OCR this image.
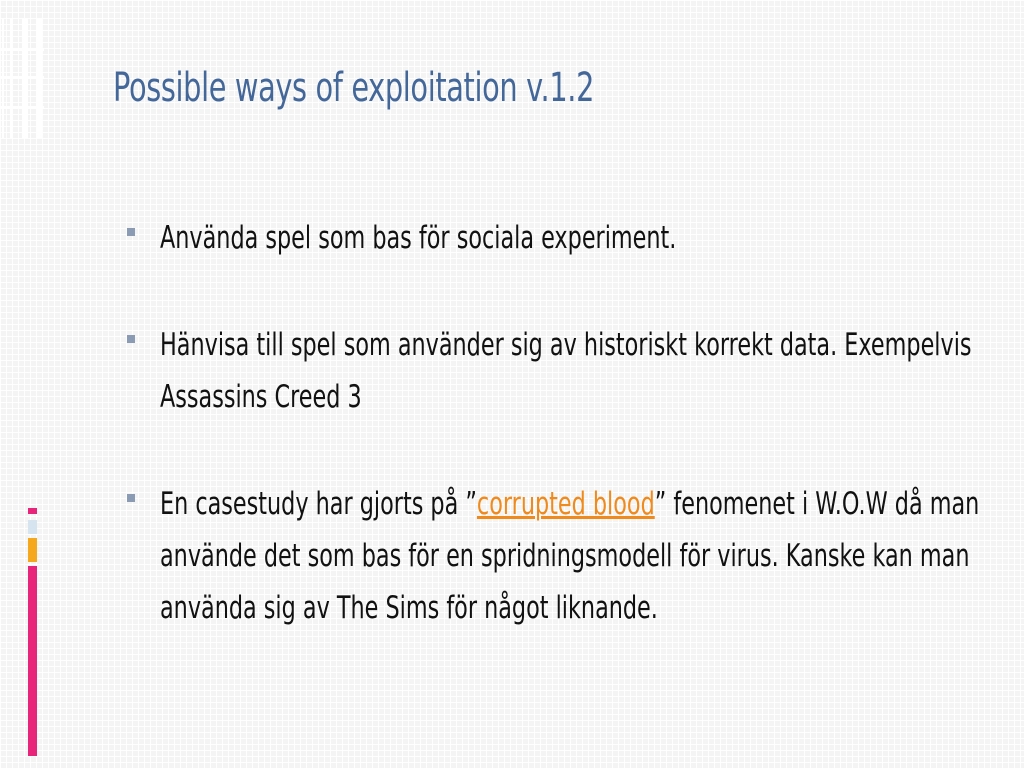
Possible ways of exploitation v.1.2
Använda spel som bas för sociala experiment.
Hänvisa till spel som använder sig av historiskt korrekt data. Exempelvis Assassins Creed 3
En casestudy har gjorts på ”corrupted blood” fenomenet i W.O.W då man använde det som bas för en spridningsmodell för virus. Kanske kan man använda sig av The Sims för något liknande.
